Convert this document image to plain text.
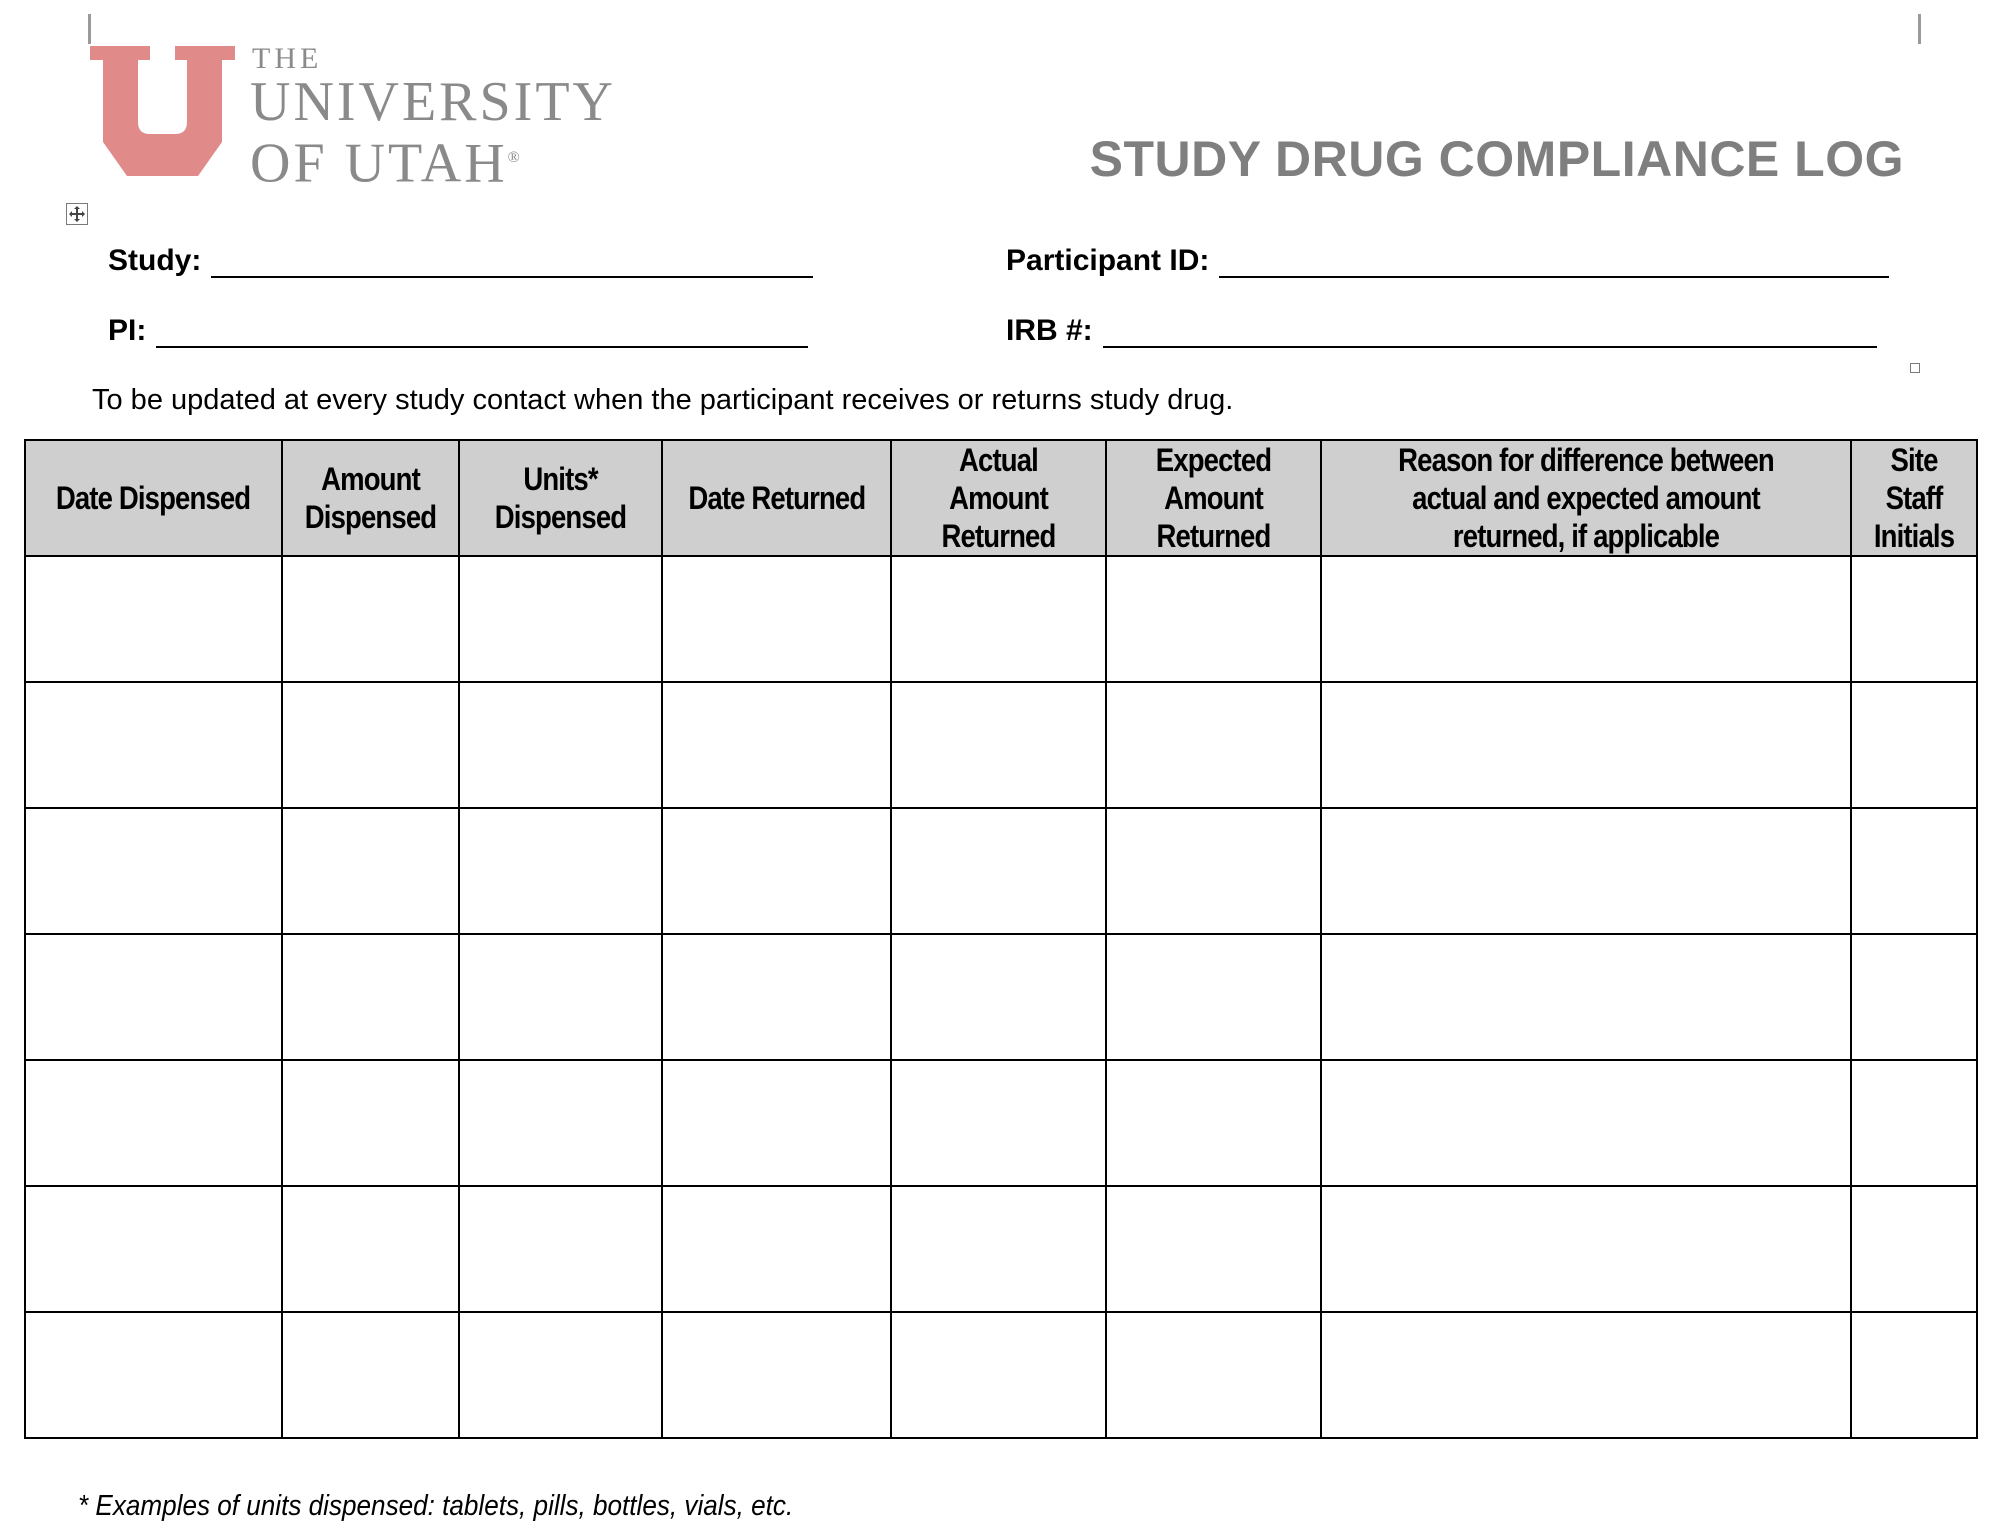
THE
UNIVERSITY
OF UTAH®	STUDY DRUG COMPLIANCE LOG
Study:	Participant ID:
PI:	IRB #:
To be updated at every study contact when the participant receives or returns study drug.
Date Dispensed	Amount Dispensed	Units* Dispensed	Date Returned	Actual Amount Returned	Expected Amount Returned	Reason for difference between actual and expected amount returned, if applicable	Site Staff Initials

* Examples of units dispensed: tablets, pills, bottles, vials, etc.
